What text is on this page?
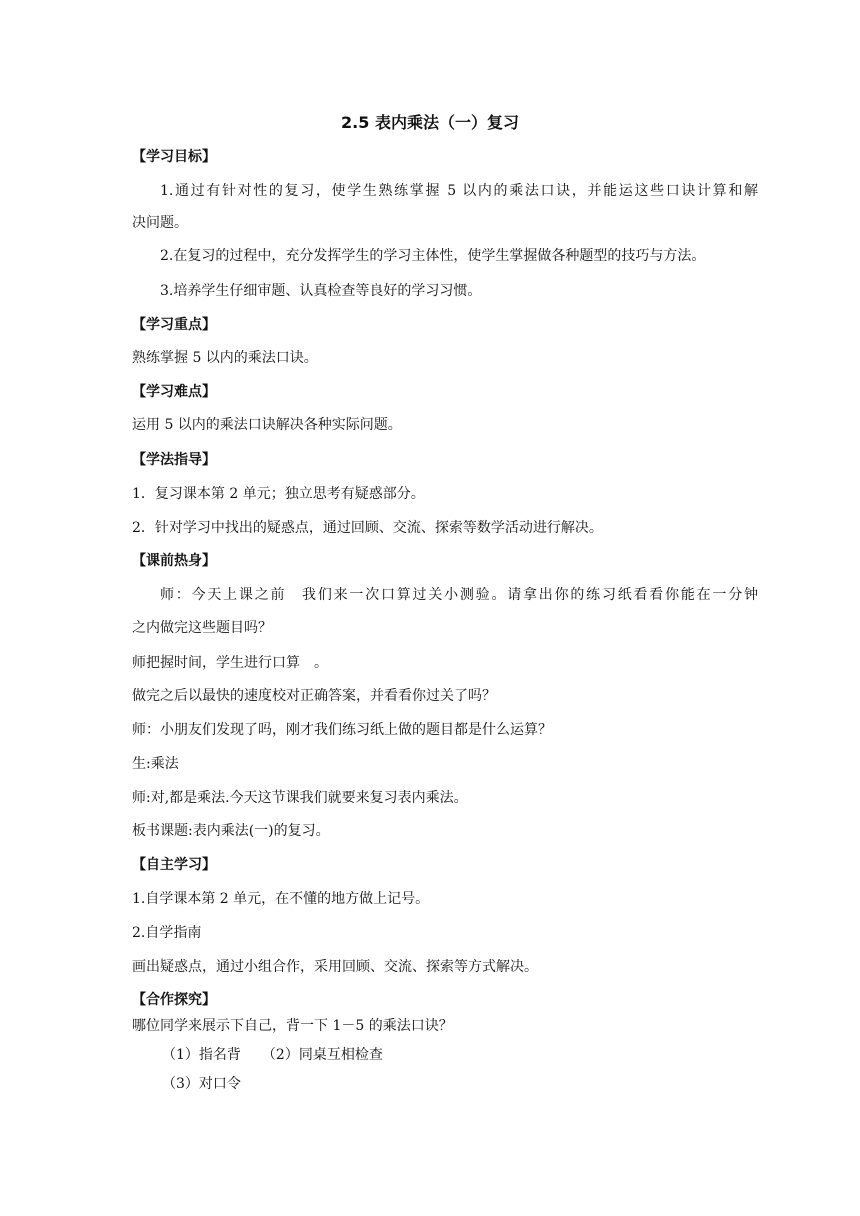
2.5 表内乘法（一）复习
【学习目标】
1.通过有针对性的复习，使学生熟练掌握 5 以内的乘法口诀，并能运这些口诀计算和解
决问题。
2.在复习的过程中，充分发挥学生的学习主体性，使学生掌握做各种题型的技巧与方法。
3.培养学生仔细审题、认真检查等良好的学习习惯。
【学习重点】
熟练掌握 5 以内的乘法口诀。
【学习难点】
运用 5 以内的乘法口诀解决各种实际问题。
【学法指导】
1．复习课本第 2 单元；独立思考有疑惑部分。
2．针对学习中找出的疑惑点，通过回顾、交流、探索等数学活动进行解决。
【课前热身】
师：今天上课之前　我们来一次口算过关小测验。请拿出你的练习纸看看你能在一分钟
之内做完这些题目吗？
师把握时间，学生进行口算　。
做完之后以最快的速度校对正确答案，并看看你过关了吗？
师：小朋友们发现了吗，刚才我们练习纸上做的题目都是什么运算？
生:乘法
师:对,都是乘法.今天这节课我们就要来复习表内乘法。
板书课题:表内乘法(一)的复习。
【自主学习】
1.自学课本第 2 单元，在不懂的地方做上记号。
2.自学指南
画出疑惑点，通过小组合作，采用回顾、交流、探索等方式解决。
【合作探究】
哪位同学来展示下自己，背一下 1－5 的乘法口诀？
（1）指名背　　（2）同桌互相检查
（3）对口令
